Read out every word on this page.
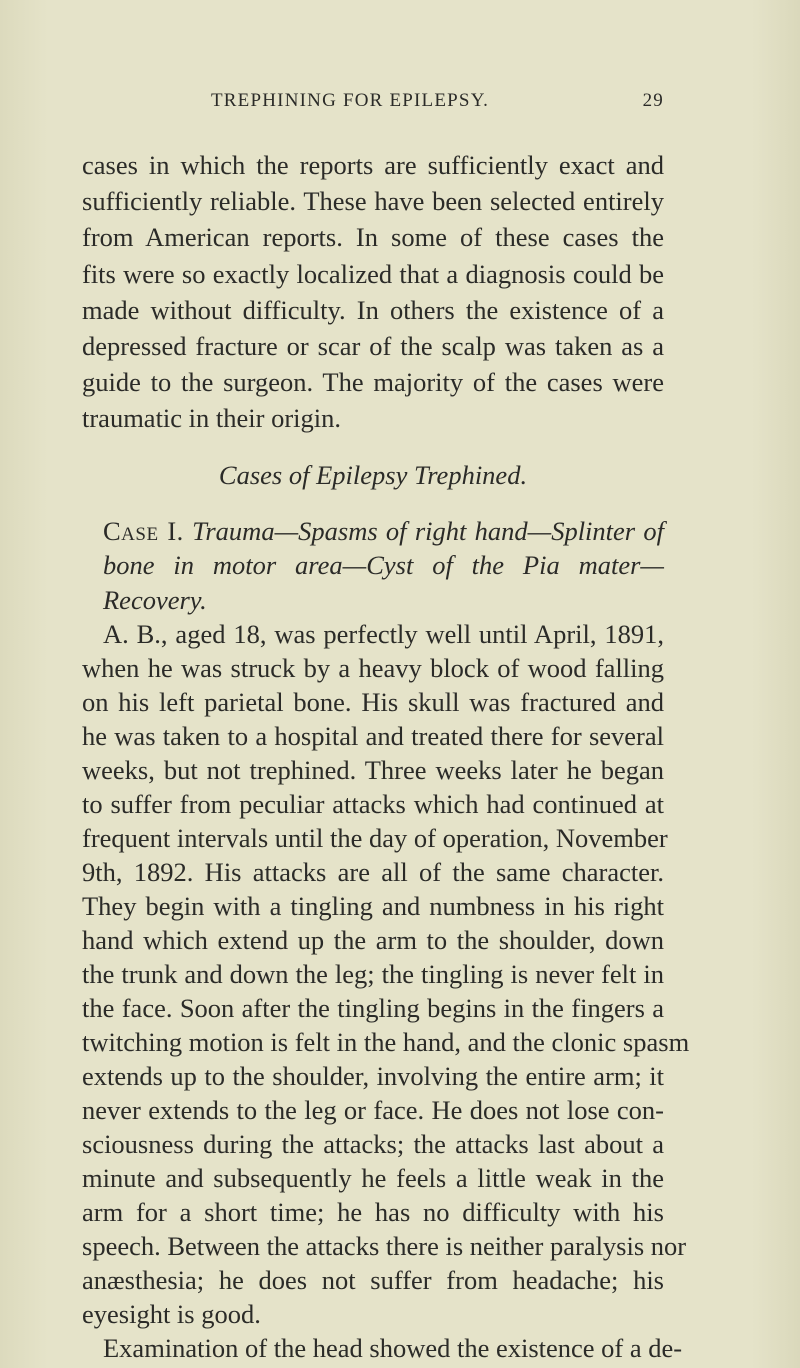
TREPHINING FOR EPILEPSY.	29
cases in which the reports are sufficiently exact and
sufficiently reliable. These have been selected entirely
from American reports. In some of these cases the
fits were so exactly localized that a diagnosis could be
made without difficulty. In others the existence of a
depressed fracture or scar of the scalp was taken as a
guide to the surgeon. The majority of the cases were
traumatic in their origin.
Cases of Epilepsy Trephined.
Case I. Trauma—Spasms of right hand—Splinter of
bone in motor area—Cyst of the Pia mater—
Recovery.
A. B., aged 18, was perfectly well until April, 1891,
when he was struck by a heavy block of wood falling
on his left parietal bone. His skull was fractured and
he was taken to a hospital and treated there for several
weeks, but not trephined. Three weeks later he began
to suffer from peculiar attacks which had continued at
frequent intervals until the day of operation, November
9th, 1892. His attacks are all of the same character.
They begin with a tingling and numbness in his right
hand which extend up the arm to the shoulder, down
the trunk and down the leg; the tingling is never felt in
the face. Soon after the tingling begins in the fingers a
twitching motion is felt in the hand, and the clonic spasm
extends up to the shoulder, involving the entire arm; it
never extends to the leg or face. He does not lose con-
sciousness during the attacks; the attacks last about a
minute and subsequently he feels a little weak in the
arm for a short time; he has no difficulty with his
speech. Between the attacks there is neither paralysis nor
anæsthesia; he does not suffer from headache; his
eyesight is good.
Examination of the head showed the existence of a de-
